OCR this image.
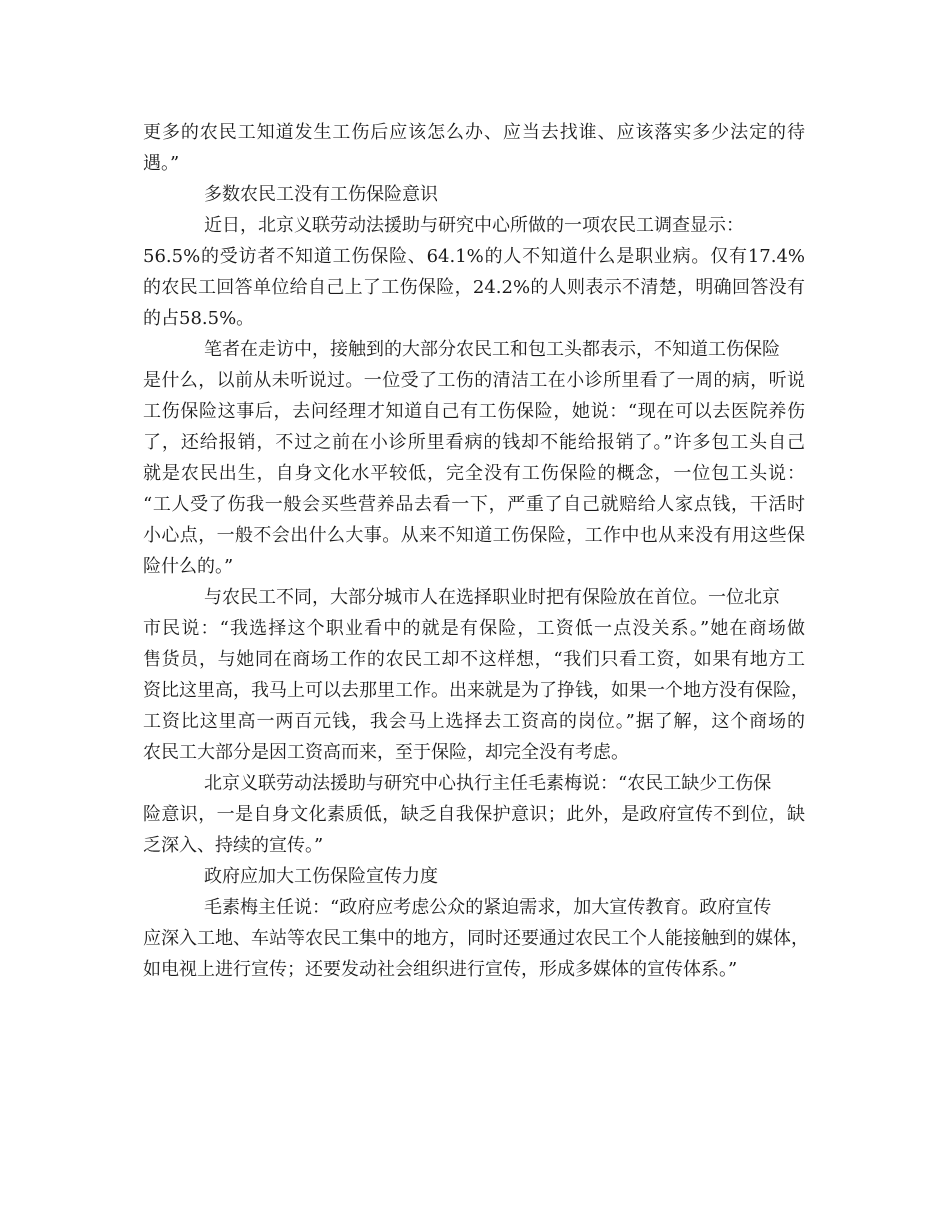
更多的农民工知道发生工伤后应该怎么办、应当去找谁、应该落实多少法定的待
遇。”
多数农民工没有工伤保险意识
近日，北京义联劳动法援助与研究中心所做的一项农民工调查显示：
56.5%的受访者不知道工伤保险、64.1%的人不知道什么是职业病。仅有17.4%
的农民工回答单位给自己上了工伤保险，24.2%的人则表示不清楚，明确回答没有
的占58.5%。
笔者在走访中，接触到的大部分农民工和包工头都表示，不知道工伤保险
是什么，以前从未听说过。一位受了工伤的清洁工在小诊所里看了一周的病，听说
工伤保险这事后，去问经理才知道自己有工伤保险，她说：“现在可以去医院养伤
了，还给报销，不过之前在小诊所里看病的钱却不能给报销了。”许多包工头自己
就是农民出生，自身文化水平较低，完全没有工伤保险的概念，一位包工头说：
“工人受了伤我一般会买些营养品去看一下，严重了自己就赔给人家点钱，干活时
小心点，一般不会出什么大事。从来不知道工伤保险，工作中也从来没有用这些保
险什么的。”
与农民工不同，大部分城市人在选择职业时把有保险放在首位。一位北京
市民说：“我选择这个职业看中的就是有保险，工资低一点没关系。”她在商场做
售货员，与她同在商场工作的农民工却不这样想，“我们只看工资，如果有地方工
资比这里高，我马上可以去那里工作。出来就是为了挣钱，如果一个地方没有保险，
工资比这里高一两百元钱，我会马上选择去工资高的岗位。”据了解，这个商场的
农民工大部分是因工资高而来，至于保险，却完全没有考虑。
北京义联劳动法援助与研究中心执行主任毛素梅说：“农民工缺少工伤保
险意识，一是自身文化素质低，缺乏自我保护意识；此外，是政府宣传不到位，缺
乏深入、持续的宣传。”
政府应加大工伤保险宣传力度
毛素梅主任说：“政府应考虑公众的紧迫需求，加大宣传教育。政府宣传
应深入工地、车站等农民工集中的地方，同时还要通过农民工个人能接触到的媒体，
如电视上进行宣传；还要发动社会组织进行宣传，形成多媒体的宣传体系。”
